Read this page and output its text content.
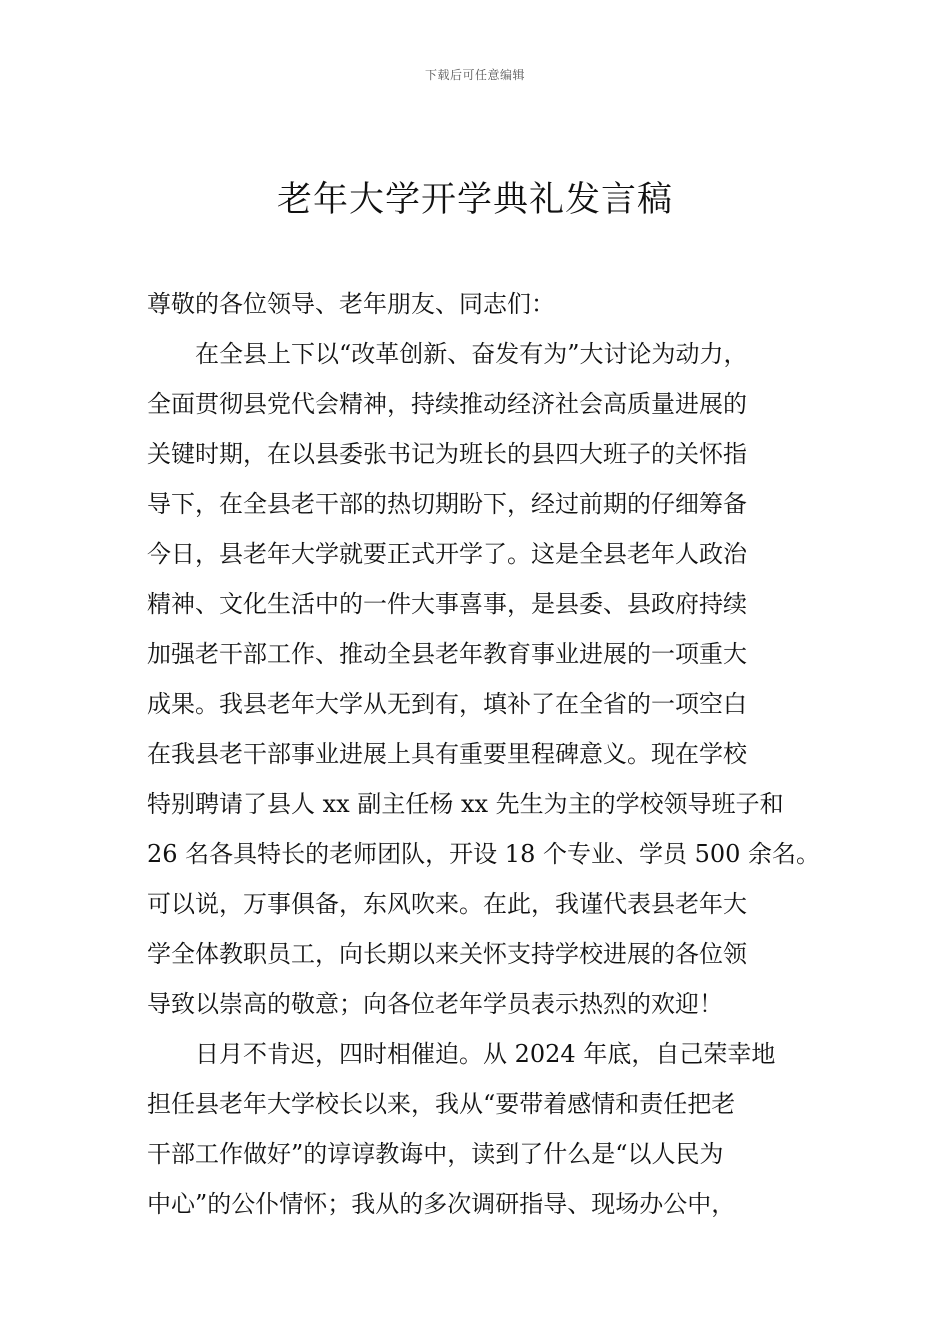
下载后可任意编辑
老年大学开学典礼发言稿
尊敬的各位领导、老年朋友、同志们：
在全县上下以“改革创新、奋发有为”大讨论为动力，
全面贯彻县党代会精神，持续推动经济社会高质量进展的
关键时期，在以县委张书记为班长的县四大班子的关怀指
导下，在全县老干部的热切期盼下，经过前期的仔细筹备
今日，县老年大学就要正式开学了。这是全县老年人政治
精神、文化生活中的一件大事喜事，是县委、县政府持续
加强老干部工作、推动全县老年教育事业进展的一项重大
成果。我县老年大学从无到有，填补了在全省的一项空白
在我县老干部事业进展上具有重要里程碑意义。现在学校
特别聘请了县人 xx 副主任杨 xx 先生为主的学校领导班子和
26 名各具特长的老师团队，开设 18 个专业、学员 500 余名。
可以说，万事俱备，东风吹来。在此，我谨代表县老年大
学全体教职员工，向长期以来关怀支持学校进展的各位领
导致以崇高的敬意；向各位老年学员表示热烈的欢迎！
日月不肯迟，四时相催迫。从 2024 年底，自己荣幸地
担任县老年大学校长以来，我从“要带着感情和责任把老
干部工作做好”的谆谆教诲中，读到了什么是“以人民为
中心”的公仆情怀；我从的多次调研指导、现场办公中，
